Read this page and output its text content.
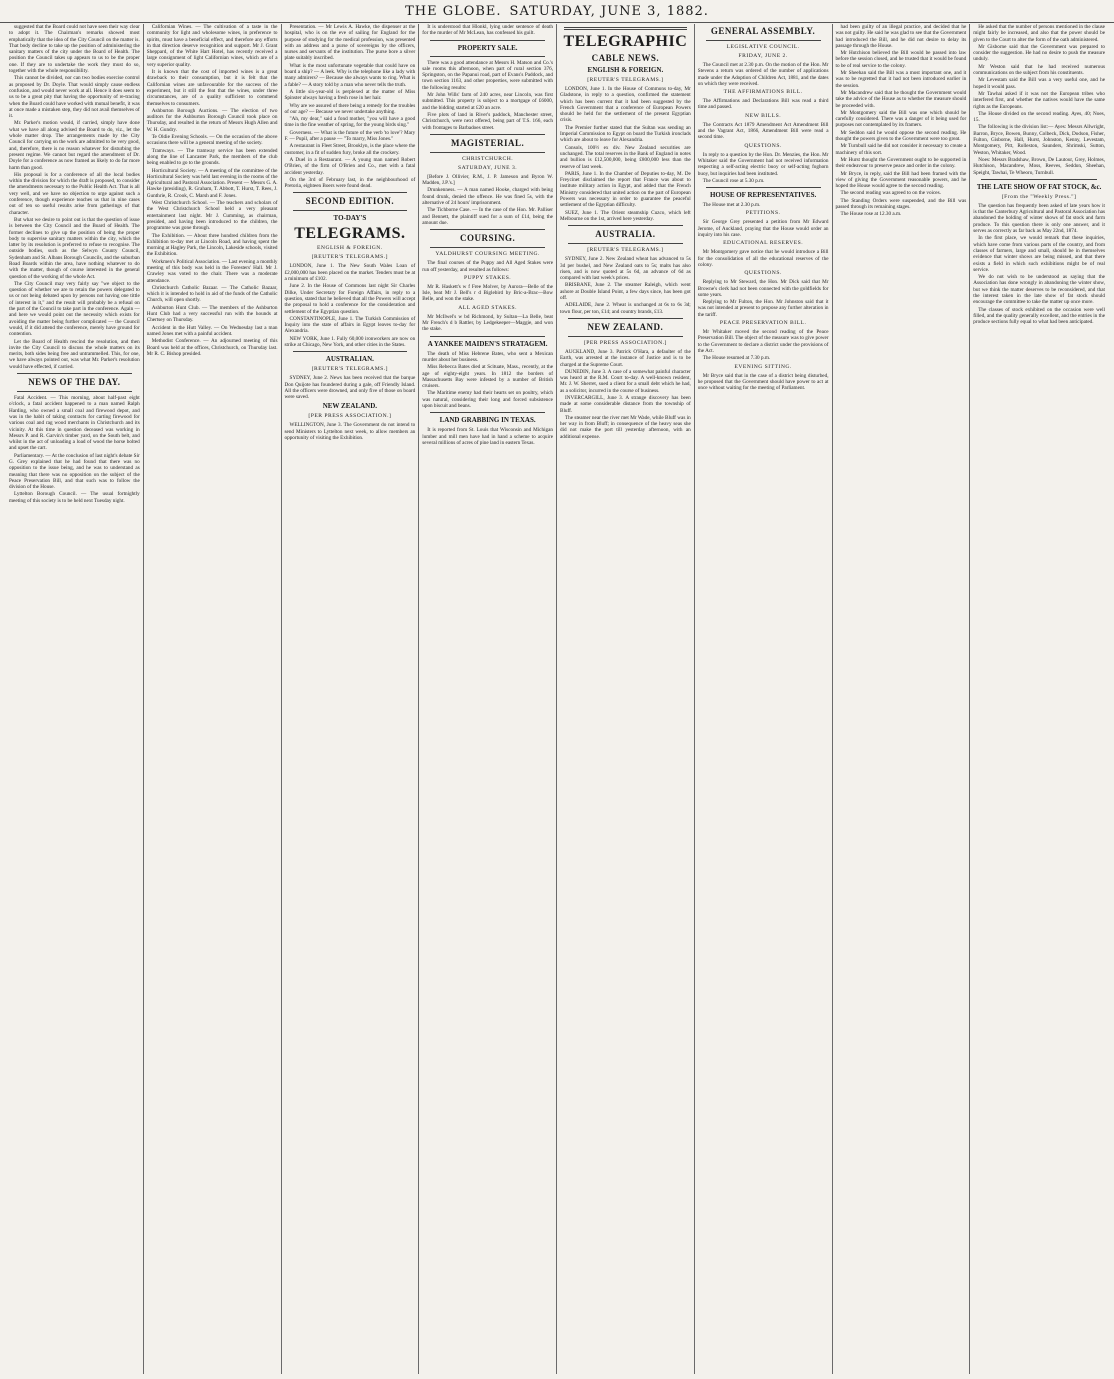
THE GLOBE. SATURDAY, JUNE 3, 1882.

suggested that the Board could not have seen their way clear to adopt it. The Chairman's remarks showed most emphatically that the idea of the City Council on the matter is. That body decline to take up the position of administering the sanitary matters of the city under the Board of Health. The position the Council takes up appears to us to be the proper one. If they are to undertake the work they must do so, together with the whole responsibility.

This cannot be divided, nor can two bodies exercise control as proposed by Dr. Doyle. That would simply cause endless confusion, and would never work at all. Hence it does seem to us to be a great pity that having the opportunity of re-tracing when the Board could have worked with mutual benefit, it was at once made a mistaken step, they did not avail themselves of it.

Mr. Parker's motion would, if carried, simply have done what we have all along advised the Board to do, viz., let the whole matter drop. The arrangements made by the City Council for carrying on the work are admitted to be very good, and, therefore, there is no reason whatever for disturbing the present regime. We cannot but regard the amendment of Dr. Doyle for a conference as now framed as likely to do far more harm than good.

His proposal is for a conference of all the local bodies within the division for which the draft is proposed, to consider the amendments necessary to the Public Health Act. That is all very well, and we have no objection to urge against such a conference, though experience teaches us that in nine cases out of ten so useful results arise from gatherings of that character.

But what we desire to point out is that the question of issue is between the City Council and the Board of Health. The former declines to give up the position of being the proper body to supervise sanitary matters within the city, which the latter by its resolution is preferred to refuse to recognise. The outside bodies, such as the Selwyn County Council, Sydenham and St. Albans Borough Councils, and the suburban Road Boards within the area, have nothing whatever to do with the matter, though of course interested in the general question of the working of the whole Act.

The City Council may very fairly say "we object to the question of whether we are to retain the powers delegated to us or not being debated upon by persons not having one tittle of interest in it," and the result will probably be a refusal on the part of the Council to take part in the conference. Again — and here we would point out the necessity which exists for avoiding the matter being further complicated — the Council would, if it did attend the conference, merely have ground for contention.

Let the Board of Health rescind the resolution, and then invite the City Council to discuss the whole matters on its merits, both sides being free and untrammelled. This, for one, we have always pointed out, was what Mr. Parker's resolution would have effected, if carried.

NEWS OF THE DAY.

Fatal Accident. — This morning, about half-past eight o'clock, a fatal accident happened to a man named Ralph Harding, who owned a small coal and firewood depot, and was in the habit of taking contracts for carting firewood for various coal and rag wood merchants in Christchurch and its vicinity. At this time in question deceased was working in Messrs P. and R. Garvin's timber yard, on the South belt, and whilst in the act of unloading a load of wood the horse bolted and upset the cart.

Parliamentary. — At the conclusion of last night's debate Sir G. Grey explained that he had found that there was no opposition to the issue being, and he was to understand as meaning that there was no opposition on the subject of the Peace Preservation Bill, and that such was to follow the division of the House.

Lyttelton Borough Council. — The usual fortnightly meeting of this society is to be held next Tuesday night.

Californian Wines. — The cultivation of a taste in the community for light and wholesome wines, in preference to spirits, must have a beneficial effect, and therefore any efforts in that direction deserve recognition and support. Mr J. Grant Sheppard, of the White Hart Hotel, has recently received a large consignment of light Californian wines, which are of a very superior quality.

It is known that the cost of imported wines is a great drawback to their consumption, but it is felt that the Californian wines are unfavourable for the success of the experiment, but it still the feat that the wines, under three circumstances, are of a quality sufficient to commend themselves to consumers.

Ashburton Borough Auctions. — The election of two auditors for the Ashburton Borough Council took place on Thursday, and resulted in the return of Messrs Hugh Allen and W. H. Gundry.

Te Oldie Evening Schools. — On the occasion of the above occasions there will be a general meeting of the society.

Tramways. — The tramway service has been extended along the line of Lancaster Park, the members of the club being enabled to go to the grounds.

Horticultural Society. — A meeting of the committee of the Horticultural Society was held last evening in the rooms of the Agricultural and Pastoral Association. Present — Messrs G. A. Hawke (presiding), R. Graham, T. Abbott, T. Hurst, T. Rees, J. Gunthrie, R. Crook, C. Marsh and F. Jones.

West Christchurch School. — The teachers and scholars of the West Christchurch School held a very pleasant entertainment last night. Mr J. Cumming, as chairman, presided, and having been introduced to the children, the programme was gone through.

The Exhibition. — About three hundred children from the Exhibition to-day met at Lincoln Road, and having spent the morning at Hagley Park, the Lincoln, Lakeside schools, visited the Exhibition.

Workmen's Political Association. — Last evening a monthly meeting of this body was held in the Foresters' Hall. Mr J. Crawley was voted to the chair. There was a moderate attendance.

Christchurch Catholic Bazaar. — The Catholic Bazaar, which it is intended to hold in aid of the funds of the Catholic Church, will open shortly.

Ashburton Hunt Club. — The members of the Ashburton Hunt Club had a very successful run with the hounds at Chertsey on Thursday.

Accident in the Hutt Valley. — On Wednesday last a man named Jones met with a painful accident.

Methodist Conference. — An adjourned meeting of this Board was held at the offices, Christchurch, on Thursday last. Mr R. C. Bishop presided.

Presentation. — Mr Lewis A. Hawke, the dispenser at the hospital, who is on the eve of sailing for England for the purpose of studying for the medical profession, was presented with an address and a purse of sovereigns by the officers, nurses and servants of the institution. The purse bore a silver plate suitably inscribed.

What is the most unfortunate vegetable that could have on board a ship? — A leek. Why is the telephone like a lady with many admirers? — Because she always wants to ring. What is a fable? — A story told by a man who never tells the truth.

A little six-year-old is perplexed at the matter of Miss Spinster always having a fresh rose in her hair.

Why are we assured of there being a remedy for the troubles of our age? — Because we never undertake anything.

"Ah, my dear," said a fond mother, "you will have a good time in the fine weather of spring, for the young birds sing."

Governess. — What is the future of the verb 'to love'? Mary F. — Pupil, after a pause — "To marry, Miss Jones."

A restaurant in Fleet Street, Brooklyn, is the place where the customer, in a fit of sudden fury, broke all the crockery.

A Duel in a Restaurant. — A young man named Robert O'Brien, of the firm of O'Brien and Co., met with a fatal accident yesterday.

On the 3rd of February last, in the neighbourhood of Pretoria, eighteen Boers were found dead.

SECOND EDITION.
TO-DAY'S
TELEGRAMS.
ENGLISH & FOREIGN.
[REUTER'S TELEGRAMS.]

LONDON, June 1. The New South Wales Loan of £2,000,000 has been placed on the market. Tenders must be at a minimum of £102.

June 2. In the House of Commons last night Sir Charles Dilke, Under Secretary for Foreign Affairs, in reply to a question, stated that he believed that all the Powers will accept the proposal to hold a conference for the consideration and settlement of the Egyptian question.

CONSTANTINOPLE, June 1. The Turkish Commission of Inquiry into the state of affairs in Egypt leaves to-day for Alexandria.

NEW YORK, June 1. Fully 60,000 ironworkers are now on strike at Chicago, New York, and other cities in the States.

AUSTRALIAN.
[REUTER'S TELEGRAMS.]

SYDNEY, June 2. News has been received that the barque Don Quijote has foundered during a gale, off Friendly Island. All the officers were drowned, and only five of those on board were saved.

NEW ZEALAND.
[PER PRESS ASSOCIATION.]

WELLINGTON, June 3. The Government do not intend to send Ministers to Lyttelton next week, to allow members an opportunity of visiting the Exhibition.

It is understood that Hlonkl, lying under sentence of death for the murder of Mr McLean, has confessed his guilt.

PROPERTY SALE.

There was a good attendance at Messrs H. Matson and Co.'s sale rooms this afternoon, when part of rural section 376, Springston, on the Papanui road, part of Evans's Paddock, and town section 1163, and other properties, were submitted with the following results:

Mr John Wills' farm of 240 acres, near Lincoln, was first submitted. This property is subject to a mortgage of £6000, and the bidding started at £20 an acre.

Five plots of land in River's paddock, Manchester street, Christchurch, were next offered, being part of T.S. 166, each with frontages to Barbadoes street.

MAGISTERIAL.
CHRISTCHURCH.
SATURDAY, JUNE 3.

[Before J. Ollivier, R.M., J. P. Jameson and Byron W. Madden, J.P.'s.]

Drunkenness. — A man named Hooke, charged with being found drunk, denied the offence. He was fined 5s, with the alternative of 24 hours' imprisonment.

The Tichborne Case. — In the case of the Hon. Mr. Palliser and Bennett, the plaintiff sued for a sum of £14, being the amount due.

COURSING.
YALDHURST COURSING MEETING.

The final courses of the Puppy and All Aged Stakes were run off yesterday, and resulted as follows:

PUPPY STAKES.

Mr R. Haskett's w f Free Molver, by Aurora—Belle of the Isle, beat Mr J. Bell's r d Biglebird by Bric-a-Brac—Bow Belle, and won the stake.

ALL AGED STAKES.

Mr McIlwel's w bd Richmond, by Sultan—La Belle, beat Mr French's d b Rattler, by Ledgekeeper—Maggie, and won the stake.

A YANKEE MAIDEN'S STRATAGEM.

The death of Miss Hebrene Bates, who sent a Mexican murder about her business.

Miss Rebecca Bates died at Scituate, Mass., recently, at the age of eighty-eight years. In 1812 the borders of Massachusetts Bay were infested by a number of British cruisers.

The Maritime enemy had their hearts set on poultry, which was natural, considering their long and forced subsistence upon biscuit and beans.

LAND GRABBING IN TEXAS.

It is reported from St. Louis that Wisconsin and Michigan lumber and mill men have had in hand a scheme to acquire several millions of acres of pine land in eastern Texas.

TELEGRAPHIC
CABLE NEWS.
ENGLISH & FOREIGN.
[REUTER'S TELEGRAMS.]

LONDON, June 1. In the House of Commons to-day, Mr Gladstone, in reply to a question, confirmed the statement which has been current that it had been suggested by the French Government that a conference of European Powers should be held for the settlement of the present Egyptian crisis.

The Premier further stated that the Sultan was sending an Imperial Commission to Egypt on board the Turkish ironclads which are about to leave for Alexandria.

Consols, 100½ ex div. New Zealand securities are unchanged. The total reserves in the Bank of England in notes and bullion is £12,500,000, being £800,000 less than the reserve of last week.

PARIS, June 1. In the Chamber of Deputies to-day, M. De Freycinet disclaimed the report that France was about to institute military action in Egypt, and added that the French Ministry considered that united action on the part of European Powers was necessary in order to guarantee the peaceful settlement of the Egyptian difficulty.

SUEZ, June 1. The Orient steamship Cuzco, which left Melbourne on the 1st, arrived here yesterday.

AUSTRALIA.
[REUTER'S TELEGRAMS.]

SYDNEY, June 2. New Zealand wheat has advanced to 5s 3d per bushel, and New Zealand oats to 5s; malts has also risen, and is now quoted at 5s 6d, an advance of 6d as compared with last week's prices.

BRISBANE, June 2. The steamer Raleigh, which went ashore at Double Island Point, a few days since, has been got off.

ADELAIDE, June 2. Wheat is unchanged at 6s to 6s 3d; town flour, per ton, £14; and country brands, £13.

NEW ZEALAND.
[PER PRESS ASSOCIATION.]

AUCKLAND, June 3. Patrick O'Hara, a defaulter of the Earth, was arrested at the instance of Justice and is to be charged at the Supreme Court.

DUNEDIN, June 3. A case of a somewhat painful character was heard at the R.M. Court to-day. A well-known resident, Mr. J. W. Sherret, sued a client for a small debt which he had, as a solicitor, incurred in the course of business.

INVERCARGILL, June 3. A strange discovery has been made at some considerable distance from the township of Bluff.

The steamer near the river met Mr Wade, while Bluff was in her way in from Bluff; in consequence of the heavy seas she did not make the port till yesterday afternoon, with an additional expense.

GENERAL ASSEMBLY.
LEGISLATIVE COUNCIL.
FRIDAY, JUNE 2.

The Council met at 2.30 p.m. On the motion of the Hon. Mr Stevens a return was ordered of the number of applications made under the Adoption of Children Act, 1881, and the dates on which they were received.

THE AFFIRMATIONS BILL.

The Affirmations and Declarations Bill was read a third time and passed.

NEW BILLS.

The Contracts Act 1879 Amendment Act Amendment Bill and the Vagrant Act, 1866, Amendment Bill were read a second time.

QUESTIONS.

In reply to a question by the Hon. Dr. Menzies, the Hon. Mr Whitaker said the Government had not received information respecting a self-acting electric buoy or self-acting foghorn buoy, but inquiries had been instituted.

The Council rose at 5.30 p.m.

HOUSE OF REPRESENTATIVES.

The House met at 2.30 p.m.

PETITIONS.

Sir George Grey presented a petition from Mr Edward Jerome, of Auckland, praying that the House would order an inquiry into his case.

EDUCATIONAL RESERVES.

Mr Montgomery gave notice that he would introduce a Bill for the consolidation of all the educational reserves of the colony.

QUESTIONS.

Replying to Mr Steward, the Hon. Mr Dick said that Mr Browne's clerk had not been connected with the goldfields for some years.

Replying to Mr Fulton, the Hon. Mr Johnston said that it was not intended at present to propose any further alteration in the tariff.

PEACE PRESERVATION BILL.

Mr Whitaker moved the second reading of the Peace Preservation Bill. The object of the measure was to give power to the Government to declare a district under the provisions of the Act.

The House resumed at 7.30 p.m.

EVENING SITTING.

Mr Bryce said that in the case of a district being disturbed, he proposed that the Government should have power to act at once without waiting for the meeting of Parliament.

had been guilty of an illegal practice, and decided that he was not guilty. He said he was glad to see that the Government had introduced the Bill, and he did not desire to delay its passage through the House.

Mr Hutchison believed the Bill would be passed into law before the session closed, and he trusted that it would be found to be of real service to the colony.

Mr Sheehan said the Bill was a most important one, and it was to be regretted that it had not been introduced earlier in the session.

Mr Macandrew said that he thought the Government would take the advice of the House as to whether the measure should be proceeded with.

Mr Montgomery said the Bill was one which should be carefully considered. There was a danger of it being used for purposes not contemplated by its framers.

Mr Seddon said he would oppose the second reading. He thought the powers given to the Government were too great.

Mr Turnbull said he did not consider it necessary to create a machinery of this sort.

Mr Hurst thought the Government ought to be supported in their endeavour to preserve peace and order in the colony.

Mr Bryce, in reply, said the Bill had been framed with the view of giving the Government reasonable powers, and he hoped the House would agree to the second reading.

The second reading was agreed to on the voices.

The Standing Orders were suspended, and the Bill was passed through its remaining stages.

The House rose at 12.30 a.m.

He asked that the number of persons mentioned in the clause might fairly be increased, and also that the power should be given to the Court to alter the form of the oath administered.

Mr Gisborne said that the Government was prepared to consider the suggestion. He had no desire to push the measure unduly.

Mr Weston said that he had received numerous communications on the subject from his constituents.

Mr Levestam said the Bill was a very useful one, and he hoped it would pass.

Mr Tawhai asked if it was not the European tribes who interfered first, and whether the natives would have the same rights as the Europeans.

The House divided on the second reading. Ayes, 40; Noes, 15.

The following is the division list:— Ayes: Messrs Allwright, Barron, Bryce, Bowen, Bunny, Colbeck, Dick, Dodson, Fisher, Fulton, Gisborne, Hall, Hurst, Johnston, Kenny, Levestam, Montgomery, Pitt, Rolleston, Saunders, Shrimski, Sutton, Weston, Whitaker, Wood.

Noes: Messrs Bradshaw, Brown, De Lautour, Grey, Holmes, Hutchison, Macandrew, Moss, Reeves, Seddon, Sheehan, Speight, Tawhai, Te Wheoro, Turnbull.

THE LATE SHOW OF FAT STOCK, &c.
[From the "Weekly Press."]

The question has frequently been asked of late years how it is that the Canterbury Agricultural and Pastoral Association has abandoned the holding of winter shows of fat stock and farm produce. To this question there is only one answer, and it serves as correctly as far back as May 22nd, 1874.

In the first place, we would remark that these inquiries, which have come from various parts of the country, and from classes of farmers, large and small, should be in themselves evidence that winter shows are being missed, and that there exists a field in which such exhibitions might be of real service.

We do not wish to be understood as saying that the Association has done wrongly in abandoning the winter show, but we think the matter deserves to be reconsidered, and that the interest taken in the late show of fat stock should encourage the committee to take the matter up once more.

The classes of stock exhibited on the occasion were well filled, and the quality generally excellent, and the entries in the produce sections fully equal to what had been anticipated.
